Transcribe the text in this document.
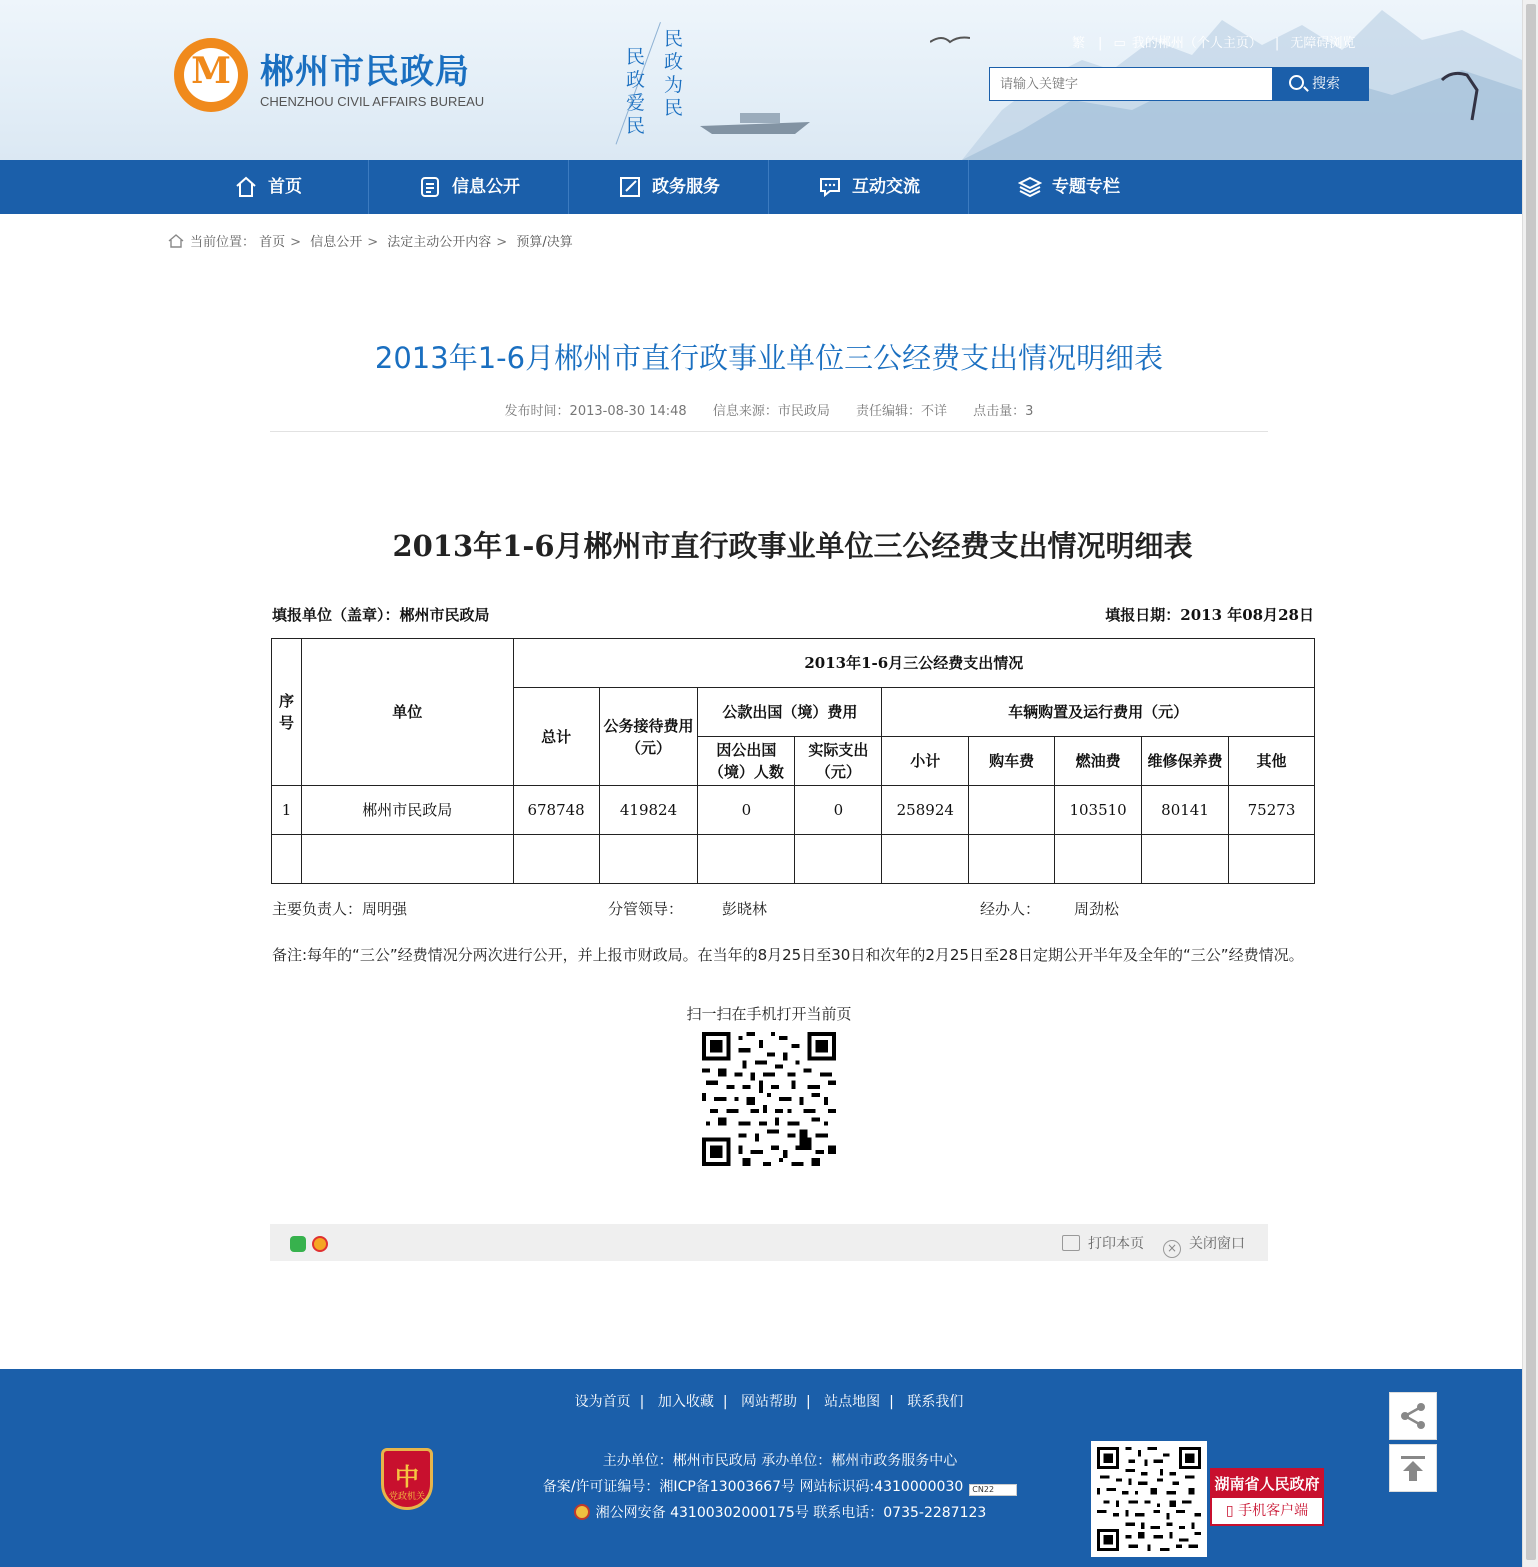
M 郴州市民政局
CHENZHOU CIVIL AFFAIRS BUREAU
民政为民
民政爱民
繁 | ▭ 我的郴州（个人主页） | 无障碍浏览
请输入关键字
搜索
首页	信息公开	政务服务	互动交流	专题专栏
当前位置： 首页 > 信息公开 > 法定主动公开内容 > 预算/决算
2013年1-6月郴州市直行政事业单位三公经费支出情况明细表
发布时间：2013-08-30 14:48 信息来源：市民政局 责任编辑：不详 点击量：3
2013年1-6月郴州市直行政事业单位三公经费支出情况明细表
填报单位（盖章）：郴州市民政局	填报日期：2013 年08月28日
序号	单位	2013年1-6月三公经费支出情况								
		总计	公务接待费用（元）	公款出国（境）费用		车辆购置及运行费用（元）				
				因公出国（境）人数	实际支出（元）	小计	购车费	燃油费	维修保养费	其他
1	郴州市民政局	678748	419824	0	0	258924		103510	80141	75273

主要负责人：周明强	分管领导：	彭晓林	经办人： 周劲松
备注:每年的“三公”经费情况分两次进行公开，并上报市财政局。在当年的8月25日至30日和次年的2月25日至28日定期公开半年及全年的“三公”经费情况。
扫一扫在手机打开当前页
打印本页	× 关闭窗口
设为首页 | 加入收藏 | 网站帮助 | 站点地图 | 联系我们
中
党政机关
主办单位：郴州市民政局 承办单位：郴州市政务服务中心
备案/许可证编号：湘ICP备13003667号 网站标识码:4310000030 CN22
湘公网安备 43100302000175号 联系电话：0735-2287123
湖南省人民政府
▯ 手机客户端
